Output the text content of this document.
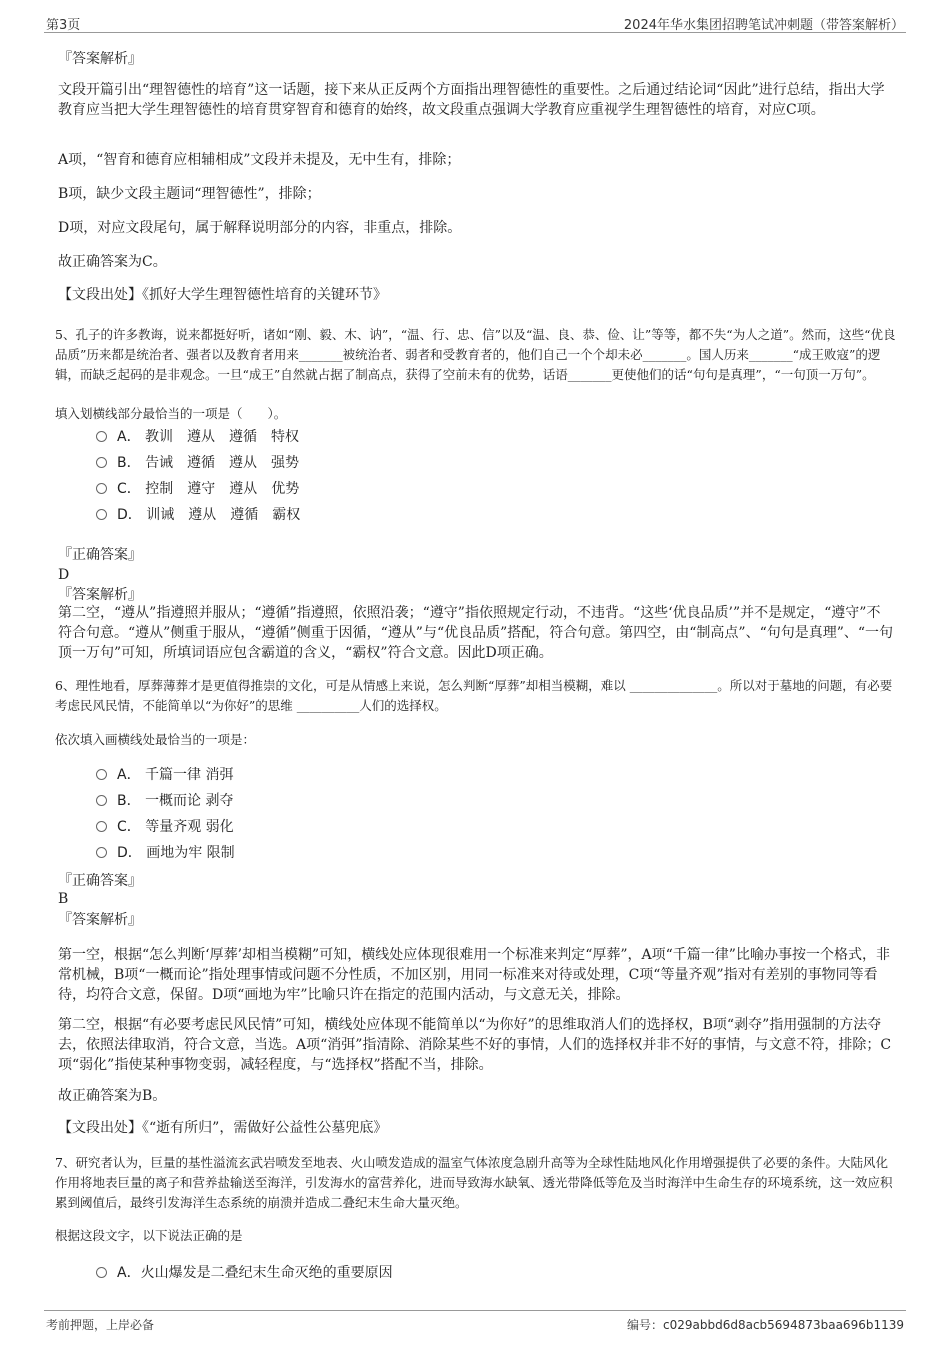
第3页	2024年华水集团招聘笔试冲刺题（带答案解析）
『答案解析』
文段开篇引出“理智德性的培育”这一话题，接下来从正反两个方面指出理智德性的重要性。之后通过结论词“因此”进行总结，指出大学教育应当把大学生理智德性的培育贯穿智育和德育的始终，故文段重点强调大学教育应重视学生理智德性的培育，对应C项。
A项，“智育和德育应相辅相成”文段并未提及，无中生有，排除；
B项，缺少文段主题词“理智德性”，排除；
D项，对应文段尾句，属于解释说明部分的内容，非重点，排除。
故正确答案为C。
【文段出处】《抓好大学生理智德性培育的关键环节》
5、孔子的许多教诲，说来都挺好听，诸如“刚、毅、木、讷”，“温、行、忠、信”以及“温、良、恭、俭、让”等等，都不失“为人之道”。然而，这些“优良品质”历来都是统治者、强者以及教育者用来_______被统治者、弱者和受教育者的，他们自己一个个却未必_______。国人历来_______“成王败寇”的逻辑，而缺乏起码的是非观念。一旦“成王”自然就占据了制高点，获得了空前未有的优势，话语_______更使他们的话“句句是真理”，“一句顶一万句”。
填入划横线部分最恰当的一项是（　　）。
A． 教训　遵从　遵循　特权
B． 告诫　遵循　遵从　强势
C． 控制　遵守　遵从　优势
D． 训诫　遵从　遵循　霸权
『正确答案』
D
『答案解析』
第二空，“遵从”指遵照并服从；“遵循”指遵照，依照沿袭；“遵守”指依照规定行动，不违背。“这些‘优良品质’”并不是规定，“遵守”不符合句意。“遵从”侧重于服从，“遵循”侧重于因循，“遵从”与“优良品质”搭配，符合句意。第四空，由“制高点”、“句句是真理”、“一句顶一万句”可知，所填词语应包含霸道的含义，“霸权”符合文意。因此D项正确。
6、理性地看，厚葬薄葬才是更值得推崇的文化，可是从情感上来说，怎么判断“厚葬”却相当模糊，难以 ______________。所以对于墓地的问题，有必要考虑民风民情，不能简单以“为你好”的思维 __________人们的选择权。
依次填入画横线处最恰当的一项是：
A． 千篇一律 消弭
B． 一概而论 剥夺
C． 等量齐观 弱化
D． 画地为牢 限制
『正确答案』
B
『答案解析』
第一空，根据“怎么判断‘厚葬’却相当模糊”可知，横线处应体现很难用一个标准来判定“厚葬”，A项“千篇一律”比喻办事按一个格式，非常机械，B项“一概而论”指处理事情或问题不分性质，不加区别，用同一标准来对待或处理，C项“等量齐观”指对有差别的事物同等看待，均符合文意，保留。D项“画地为牢”比喻只许在指定的范围内活动，与文意无关，排除。
第二空，根据“有必要考虑民风民情”可知，横线处应体现不能简单以“为你好”的思维取消人们的选择权，B项“剥夺”指用强制的方法夺去，依照法律取消，符合文意，当选。A项“消弭”指清除、消除某些不好的事情，人们的选择权并非不好的事情，与文意不符，排除；C项“弱化”指使某种事物变弱，减轻程度，与“选择权”搭配不当，排除。
故正确答案为B。
【文段出处】《“逝有所归”，需做好公益性公墓兜底》
7、研究者认为，巨量的基性溢流玄武岩喷发至地表、火山喷发造成的温室气体浓度急剧升高等为全球性陆地风化作用增强提供了必要的条件。大陆风化作用将地表巨量的离子和营养盐输送至海洋，引发海水的富营养化，进而导致海水缺氧、透光带降低等危及当时海洋中生命生存的环境系统，这一效应积累到阈值后，最终引发海洋生态系统的崩溃并造成二叠纪末生命大量灭绝。
根据这段文字，以下说法正确的是
A．火山爆发是二叠纪末生命灭绝的重要原因
考前押题，上岸必备	编号：c029abbd6d8acb5694873baa696b1139
